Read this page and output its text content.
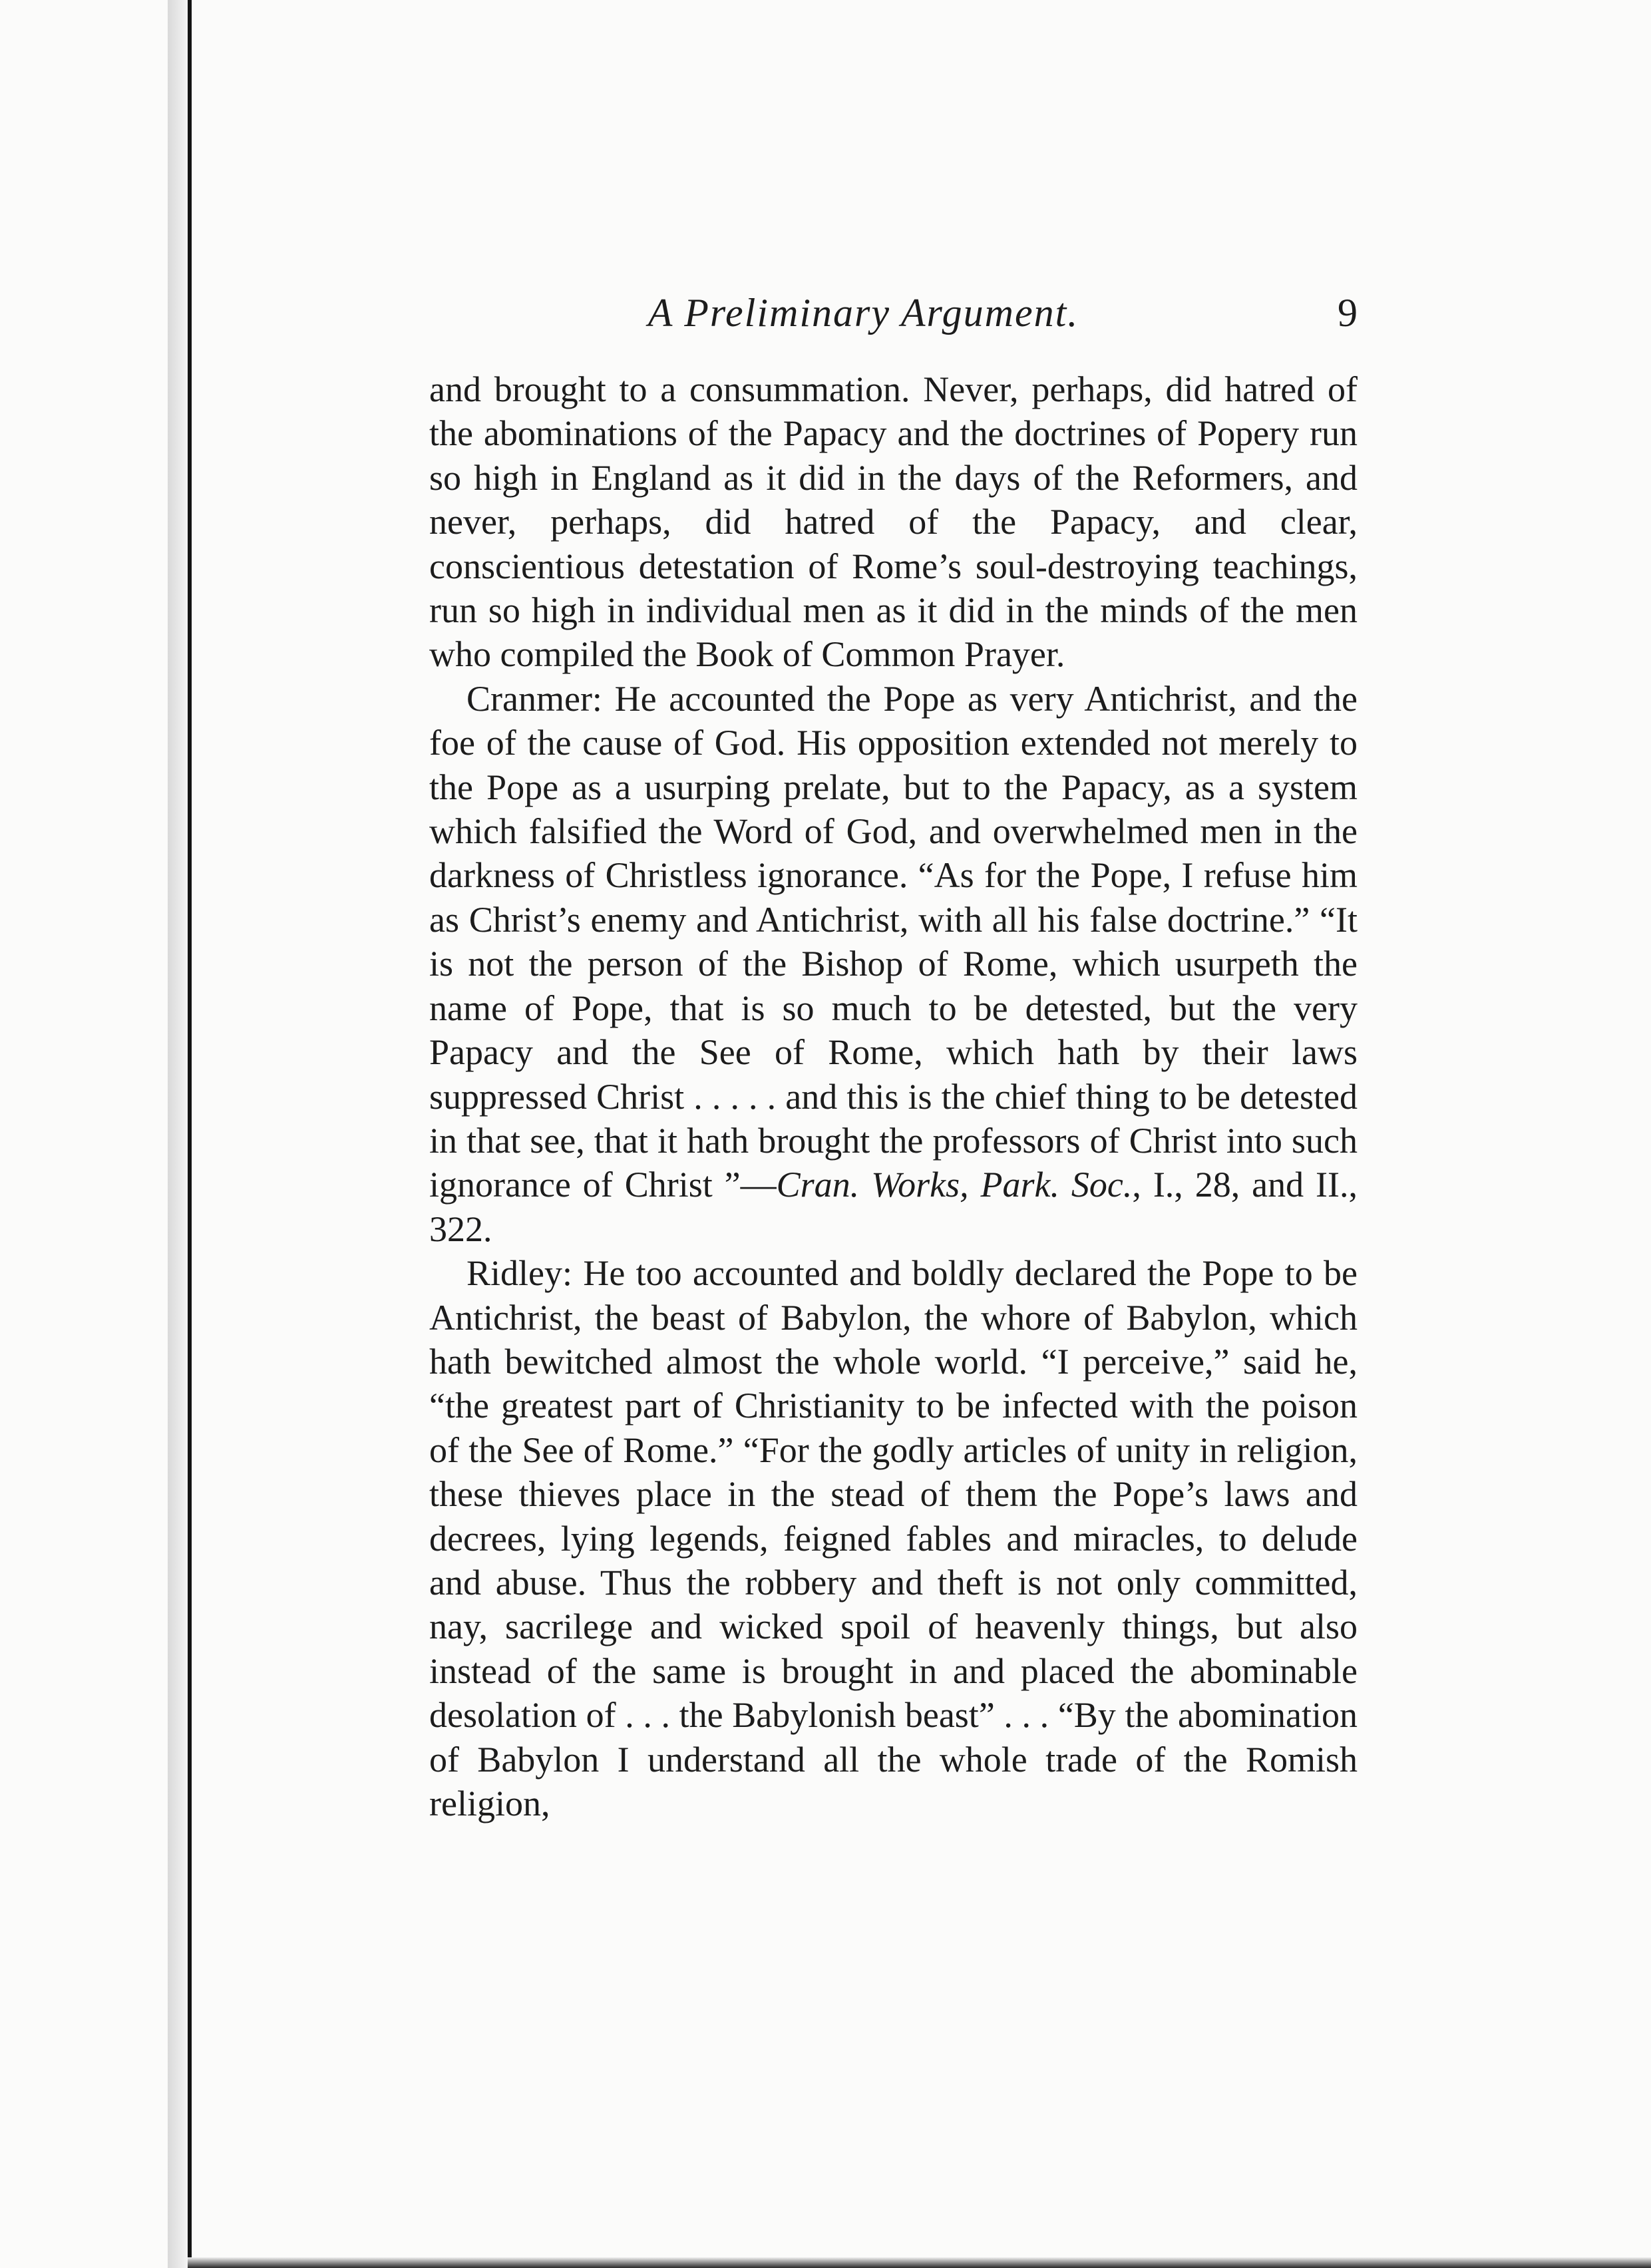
A Preliminary Argument.	9

and brought to a consummation. Never, perhaps, did hatred of the abominations of the Papacy and the doctrines of Popery run so high in England as it did in the days of the Reformers, and never, perhaps, did hatred of the Papacy, and clear, conscientious detestation of Rome’s soul-destroying teachings, run so high in individual men as it did in the minds of the men who compiled the Book of Common Prayer.

Cranmer: He accounted the Pope as very Antichrist, and the foe of the cause of God. His opposition extended not merely to the Pope as a usurping prelate, but to the Papacy, as a system which falsified the Word of God, and overwhelmed men in the darkness of Christless ignorance. “As for the Pope, I refuse him as Christ’s enemy and Antichrist, with all his false doctrine.” “It is not the person of the Bishop of Rome, which usurpeth the name of Pope, that is so much to be detested, but the very Papacy and the See of Rome, which hath by their laws suppressed Christ . . . . . and this is the chief thing to be detested in that see, that it hath brought the professors of Christ into such ignorance of Christ ”—Cran. Works, Park. Soc., I., 28, and II., 322.

Ridley: He too accounted and boldly declared the Pope to be Antichrist, the beast of Babylon, the whore of Babylon, which hath bewitched almost the whole world. “I perceive,” said he, “the greatest part of Christianity to be infected with the poison of the See of Rome.” “For the godly articles of unity in religion, these thieves place in the stead of them the Pope’s laws and decrees, lying legends, feigned fables and miracles, to delude and abuse. Thus the robbery and theft is not only committed, nay, sacrilege and wicked spoil of heavenly things, but also instead of the same is brought in and placed the abominable desolation of . . . the Babylonish beast” . . . “By the abomination of Babylon I understand all the whole trade of the Romish religion,
